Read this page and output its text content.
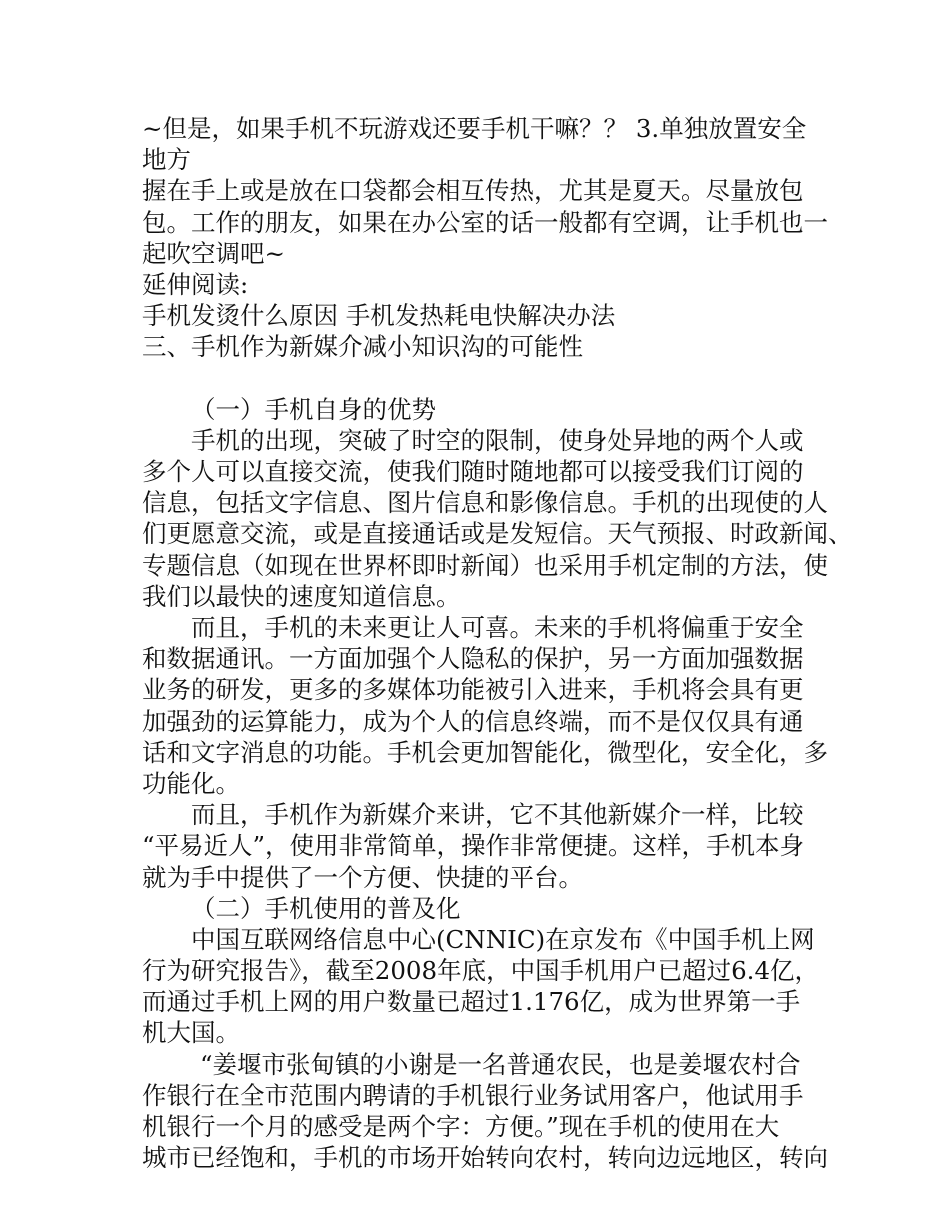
~但是，如果手机不玩游戏还要手机干嘛？？ 3.单独放置安全
地方
握在手上或是放在口袋都会相互传热，尤其是夏天。尽量放包
包。工作的朋友，如果在办公室的话一般都有空调，让手机也一
起吹空调吧~
延伸阅读:
手机发烫什么原因 手机发热耗电快解决办法
三、手机作为新媒介减小知识沟的可能性
（一）手机自身的优势
手机的出现，突破了时空的限制，使身处异地的两个人或
多个人可以直接交流，使我们随时随地都可以接受我们订阅的
信息，包括文字信息、图片信息和影像信息。手机的出现使的人
们更愿意交流，或是直接通话或是发短信。天气预报、时政新闻、
专题信息（如现在世界杯即时新闻）也采用手机定制的方法，使
我们以最快的速度知道信息。
而且，手机的未来更让人可喜。未来的手机将偏重于安全
和数据通讯。一方面加强个人隐私的保护，另一方面加强数据
业务的研发，更多的多媒体功能被引入进来，手机将会具有更
加强劲的运算能力，成为个人的信息终端，而不是仅仅具有通
话和文字消息的功能。手机会更加智能化，微型化，安全化，多
功能化。
而且，手机作为新媒介来讲，它不其他新媒介一样，比较
“平易近人”，使用非常简单，操作非常便捷。这样，手机本身
就为手中提供了一个方便、快捷的平台。
（二）手机使用的普及化
中国互联网络信息中心(CNNIC)在京发布《中国手机上网
行为研究报告》，截至2008年底，中国手机用户已超过6.4亿，
而通过手机上网的用户数量已超过1.176亿，成为世界第一手
机大国。
“姜堰市张甸镇的小谢是一名普通农民，也是姜堰农村合
作银行在全市范围内聘请的手机银行业务试用客户，他试用手
机银行一个月的感受是两个字：方便。”现在手机的使用在大
城市已经饱和，手机的市场开始转向农村，转向边远地区，转向
